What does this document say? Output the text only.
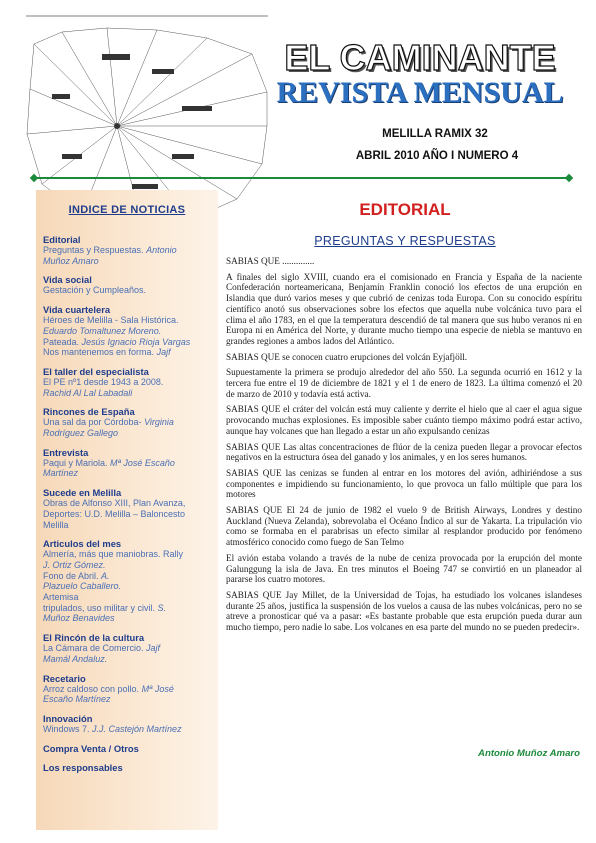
EL CAMINANTE
REVISTA MENSUAL
MELILLA RAMIX 32
ABRIL 2010 AÑO I NUMERO 4
INDICE DE NOTICIAS
Editorial
Preguntas y Respuestas. Antonio
Muñoz Amaro
Vida social
Gestación y Cumpleaños.
Vida cuartelera
Héroes de Melilla - Sala Histórica.
Eduardo Tomaltunez Moreno.
Pateada. Jesús Ignacio Rioja Vargas
Nos mantenemos en forma. Jajf
El taller del especialista
El PE nº1 desde 1943 a 2008.
Rachid Al Lal Labadali
Rincones de España
Una sal da por Córdoba- Virginia
Rodríguez Gallego
Entrevista
Paqui y Mariola. Mª José Escaño
Martínez
Sucede en Melilla
Obras de Alfonso XIII, Plan Avanza,
Deportes: U.D. Melilla – Baloncesto
Melilla
Articulos del mes
Almería, más que maniobras. Rally
J. Ortiz Gómez.
Fono de Abril. A.
Plazuelo Caballero.
Artemisa
tripulados, uso militar y civil. S.
Muñoz Benavides
El Rincón de la cultura
La Cámara de Comercio. Jajf
Mamál Andaluz.
Recetario
Arroz caldoso con pollo. Mª José
Escaño Martínez
Innovación
Windows 7. J.J. Castejón Martínez
Compra Venta / Otros
Los responsables
EDITORIAL
PREGUNTAS Y RESPUESTAS

SABIAS QUE ..............

A finales del siglo XVIII, cuando era el comisionado en Francia y España de la naciente Confederación norteamericana, Benjamín Franklin conoció los efectos de una erupción en Islandia que duró varios meses y que cubrió de cenizas toda Europa. Con su conocido espíritu científico anotó sus observaciones sobre los efectos que aquella nube volcánica tuvo para el clima el año 1783, en el que la temperatura descendió de tal manera que sus hubo veranos ni en Europa ni en América del Norte, y durante mucho tiempo una especie de niebla se mantuvo en grandes regiones a ambos lados del Atlántico.

SABIAS QUE se conocen cuatro erupciones del volcán Eyjafjöll.

Supuestamente la primera se produjo alrededor del año 550. La segunda ocurrió en 1612 y la tercera fue entre el 19 de diciembre de 1821 y el 1 de enero de 1823. La última comenzó el 20 de marzo de 2010 y todavía está activa.

SABIAS QUE el cráter del volcán está muy caliente y derrite el hielo que al caer el agua sigue provocando muchas explosiones. Es imposible saber cuánto tiempo máximo podrá estar activo, aunque hay volcanes que han llegado a estar un año expulsando cenizas

SABIAS QUE Las altas concentraciones de flúor de la ceniza pueden llegar a provocar efectos negativos en la estructura ósea del ganado y los animales, y en los seres humanos.

SABIAS QUE las cenizas se funden al entrar en los motores del avión, adhiriéndose a sus componentes e impidiendo su funcionamiento, lo que provoca un fallo múltiple que para los motores

SABIAS QUE El 24 de junio de 1982 el vuelo 9 de British Airways, Londres y destino Auckland (Nueva Zelanda), sobrevolaba el Océano Índico al sur de Yakarta. La tripulación vio como se formaba en el parabrisas un efecto similar al resplandor producido por fenómeno atmosférico conocido como fuego de San Telmo

El avión estaba volando a través de la nube de ceniza provocada por la erupción del monte Galunggung la isla de Java. En tres minutos el Boeing 747 se convirtió en un planeador al pararse los cuatro motores.

SABIAS QUE Jay Millet, de la Universidad de Tojas, ha estudiado los volcanes islandeses durante 25 años, justifica la suspensión de los vuelos a causa de las nubes volcánicas, pero no se atreve a pronosticar qué va a pasar: «Es bastante probable que esta erupción pueda durar aun mucho tiempo, pero nadie lo sabe. Los volcanes en esa parte del mundo no se pueden predecir».

Antonio Muñoz Amaro
